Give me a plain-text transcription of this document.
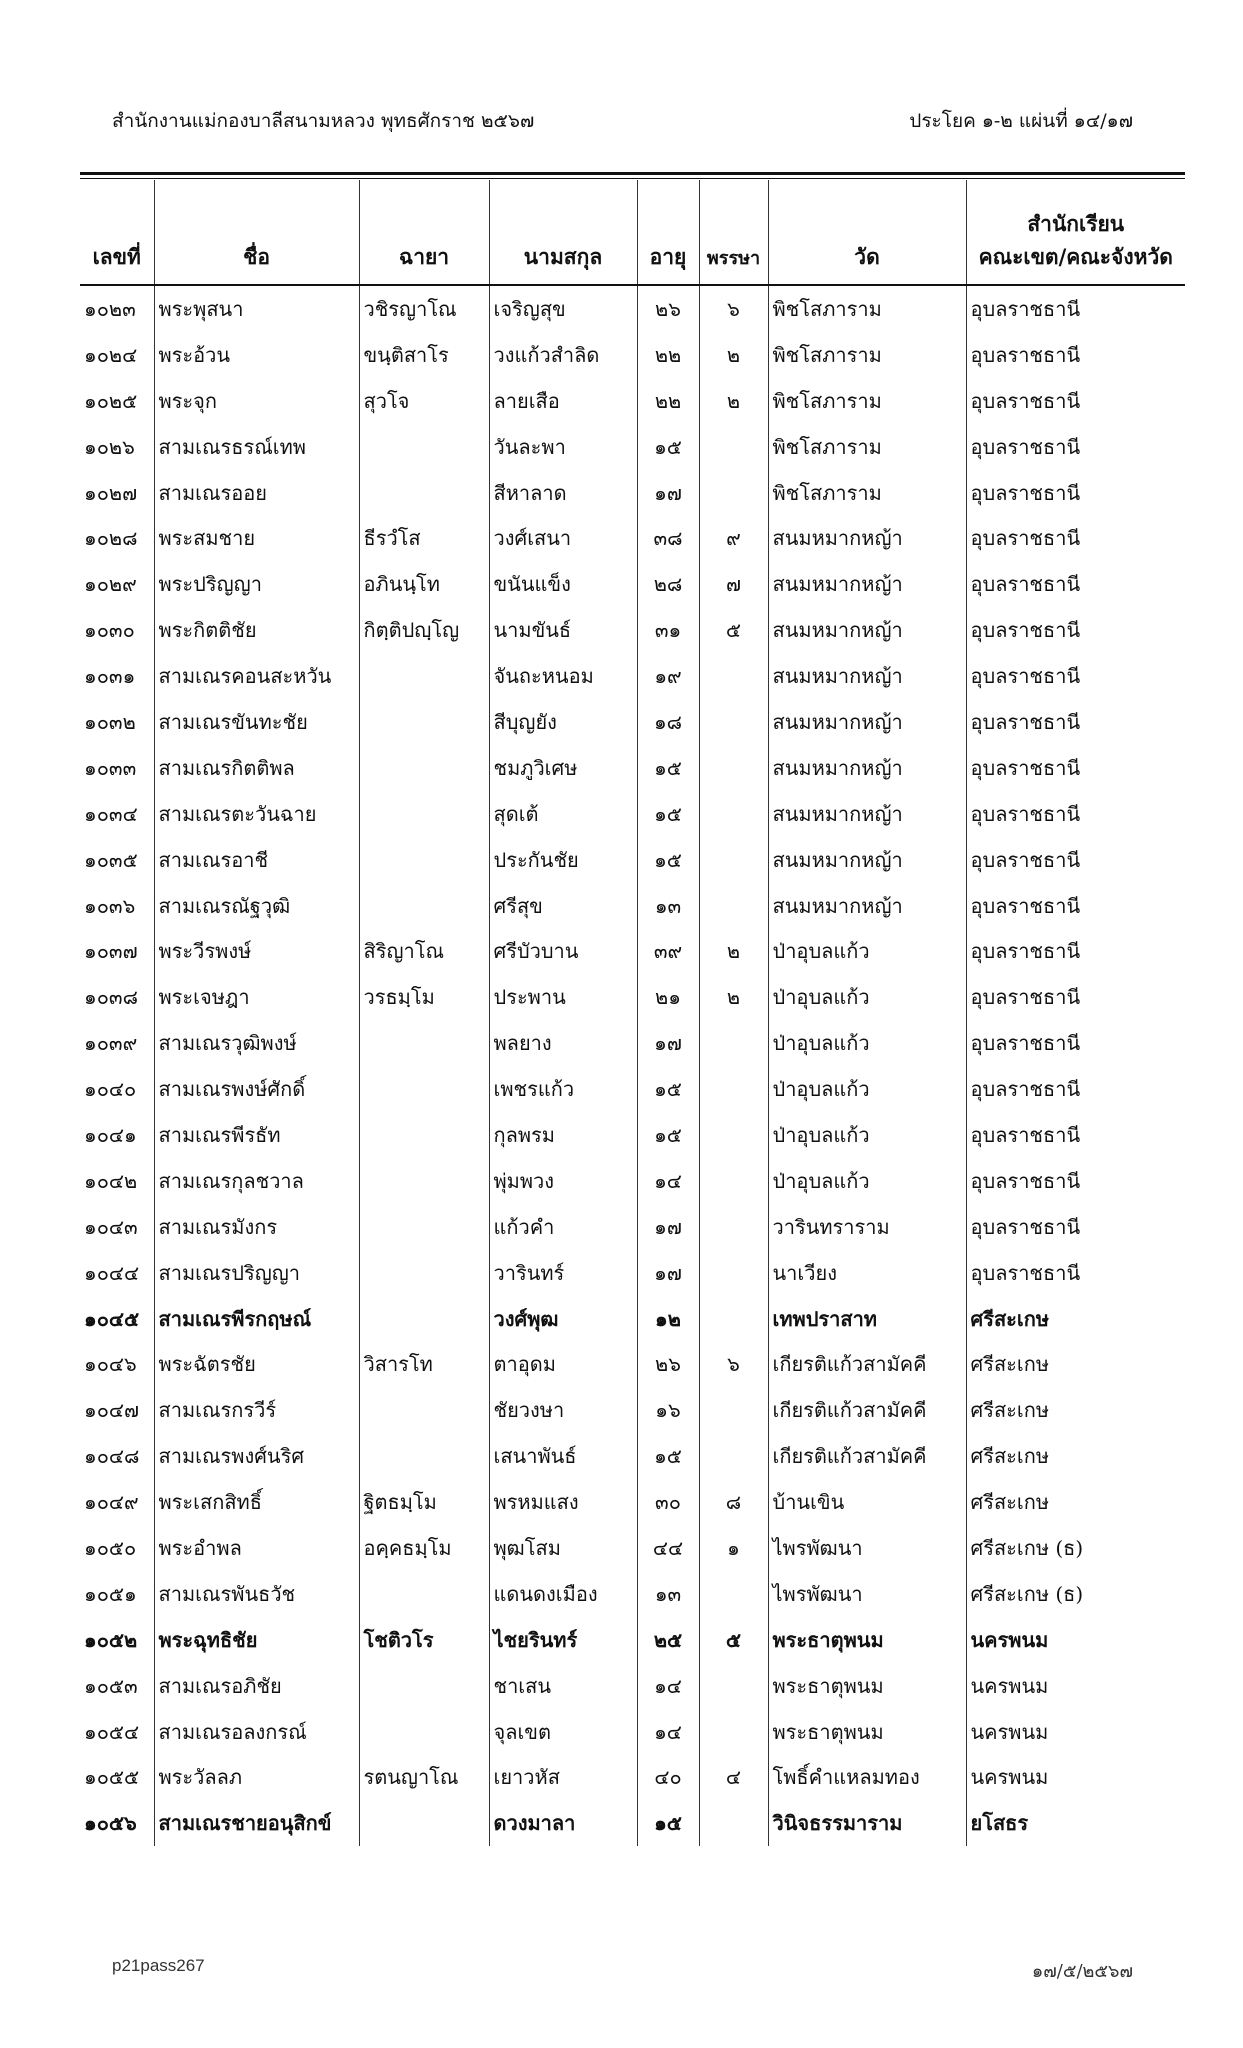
สำนักงานแม่กองบาลีสนามหลวง พุทธศักราช ๒๕๖๗	ประโยค ๑-๒ แผ่นที่ ๑๔/๑๗
เลขที่	ชื่อ	ฉายา	นามสกุล	อายุ	พรรษา	วัด	สำนักเรียน
คณะเขต/คณะจังหวัด

๑๐๒๓	พระพุสนา	วชิรญาโณ	เจริญสุข	๒๖	๖	พิชโสภาราม	อุบลราชธานี
๑๐๒๔	พระอ้วน	ขนฺติสาโร	วงแก้วสำลิด	๒๒	๒	พิชโสภาราม	อุบลราชธานี
๑๐๒๕	พระจุก	สุวโจ	ลายเสือ	๒๒	๒	พิชโสภาราม	อุบลราชธานี
๑๐๒๖	สามเณรธรณ์เทพ		วันละพา	๑๕		พิชโสภาราม	อุบลราชธานี
๑๐๒๗	สามเณรออย		สีหาลาด	๑๗		พิชโสภาราม	อุบลราชธานี
๑๐๒๘	พระสมชาย	ธีรวํโส	วงศ์เสนา	๓๘	๙	สนมหมากหญ้า	อุบลราชธานี
๑๐๒๙	พระปริญญา	อภินนฺโท	ขนันแข็ง	๒๘	๗	สนมหมากหญ้า	อุบลราชธานี
๑๐๓๐	พระกิตติชัย	กิตฺติปญฺโญ	นามขันธ์	๓๑	๕	สนมหมากหญ้า	อุบลราชธานี
๑๐๓๑	สามเณรคอนสะหวัน		จันถะหนอม	๑๙		สนมหมากหญ้า	อุบลราชธานี
๑๐๓๒	สามเณรขันทะชัย		สีบุญยัง	๑๘		สนมหมากหญ้า	อุบลราชธานี
๑๐๓๓	สามเณรกิตติพล		ชมภูวิเศษ	๑๕		สนมหมากหญ้า	อุบลราชธานี
๑๐๓๔	สามเณรตะวันฉาย		สุดเต้	๑๕		สนมหมากหญ้า	อุบลราชธานี
๑๐๓๕	สามเณรอาชี		ประกันชัย	๑๕		สนมหมากหญ้า	อุบลราชธานี
๑๐๓๖	สามเณรณัฐวุฒิ		ศรีสุข	๑๓		สนมหมากหญ้า	อุบลราชธานี
๑๐๓๗	พระวีรพงษ์	สิริญาโณ	ศรีบัวบาน	๓๙	๒	ป่าอุบลแก้ว	อุบลราชธานี
๑๐๓๘	พระเจษฎา	วรธมฺโม	ประพาน	๒๑	๒	ป่าอุบลแก้ว	อุบลราชธานี
๑๐๓๙	สามเณรวุฒิพงษ์		พลยาง	๑๗		ป่าอุบลแก้ว	อุบลราชธานี
๑๐๔๐	สามเณรพงษ์ศักดิ์		เพชรแก้ว	๑๕		ป่าอุบลแก้ว	อุบลราชธานี
๑๐๔๑	สามเณรพีรธัท		กุลพรม	๑๕		ป่าอุบลแก้ว	อุบลราชธานี
๑๐๔๒	สามเณรกุลชวาล		พุ่มพวง	๑๔		ป่าอุบลแก้ว	อุบลราชธานี
๑๐๔๓	สามเณรมังกร		แก้วคำ	๑๗		วารินทราราม	อุบลราชธานี
๑๐๔๔	สามเณรปริญญา		วารินทร์	๑๗		นาเวียง	อุบลราชธานี
๑๐๔๕	สามเณรพีรกฤษณ์		วงศ์พุฒ	๑๒		เทพปราสาท	ศรีสะเกษ
๑๐๔๖	พระฉัตรชัย	วิสารโท	ตาอุดม	๒๖	๖	เกียรติแก้วสามัคคี	ศรีสะเกษ
๑๐๔๗	สามเณรกรวีร์		ชัยวงษา	๑๖		เกียรติแก้วสามัคคี	ศรีสะเกษ
๑๐๔๘	สามเณรพงศ์นริศ		เสนาพันธ์	๑๕		เกียรติแก้วสามัคคี	ศรีสะเกษ
๑๐๔๙	พระเสกสิทธิ์	ฐิตธมฺโม	พรหมแสง	๓๐	๘	บ้านเขิน	ศรีสะเกษ
๑๐๕๐	พระอำพล	อคฺคธมฺโม	พุฒโสม	๔๔	๑	ไพรพัฒนา	ศรีสะเกษ (ธ)
๑๐๕๑	สามเณรพันธวัช		แดนดงเมือง	๑๓		ไพรพัฒนา	ศรีสะเกษ (ธ)
๑๐๕๒	พระฉุทธิชัย	โชติวโร	ไชยรินทร์	๒๕	๕	พระธาตุพนม	นครพนม
๑๐๕๓	สามเณรอภิชัย		ชาเสน	๑๔		พระธาตุพนม	นครพนม
๑๐๕๔	สามเณรอลงกรณ์		จุลเขต	๑๔		พระธาตุพนม	นครพนม
๑๐๕๕	พระวัลลภ	รตนญาโณ	เยาวหัส	๔๐	๔	โพธิ์คำแหลมทอง	นครพนม
๑๐๕๖	สามเณรชายอนุสิกข์		ดวงมาลา	๑๕		วินิจธรรมาราม	ยโสธร
p21pass267	๑๗/๕/๒๕๖๗
